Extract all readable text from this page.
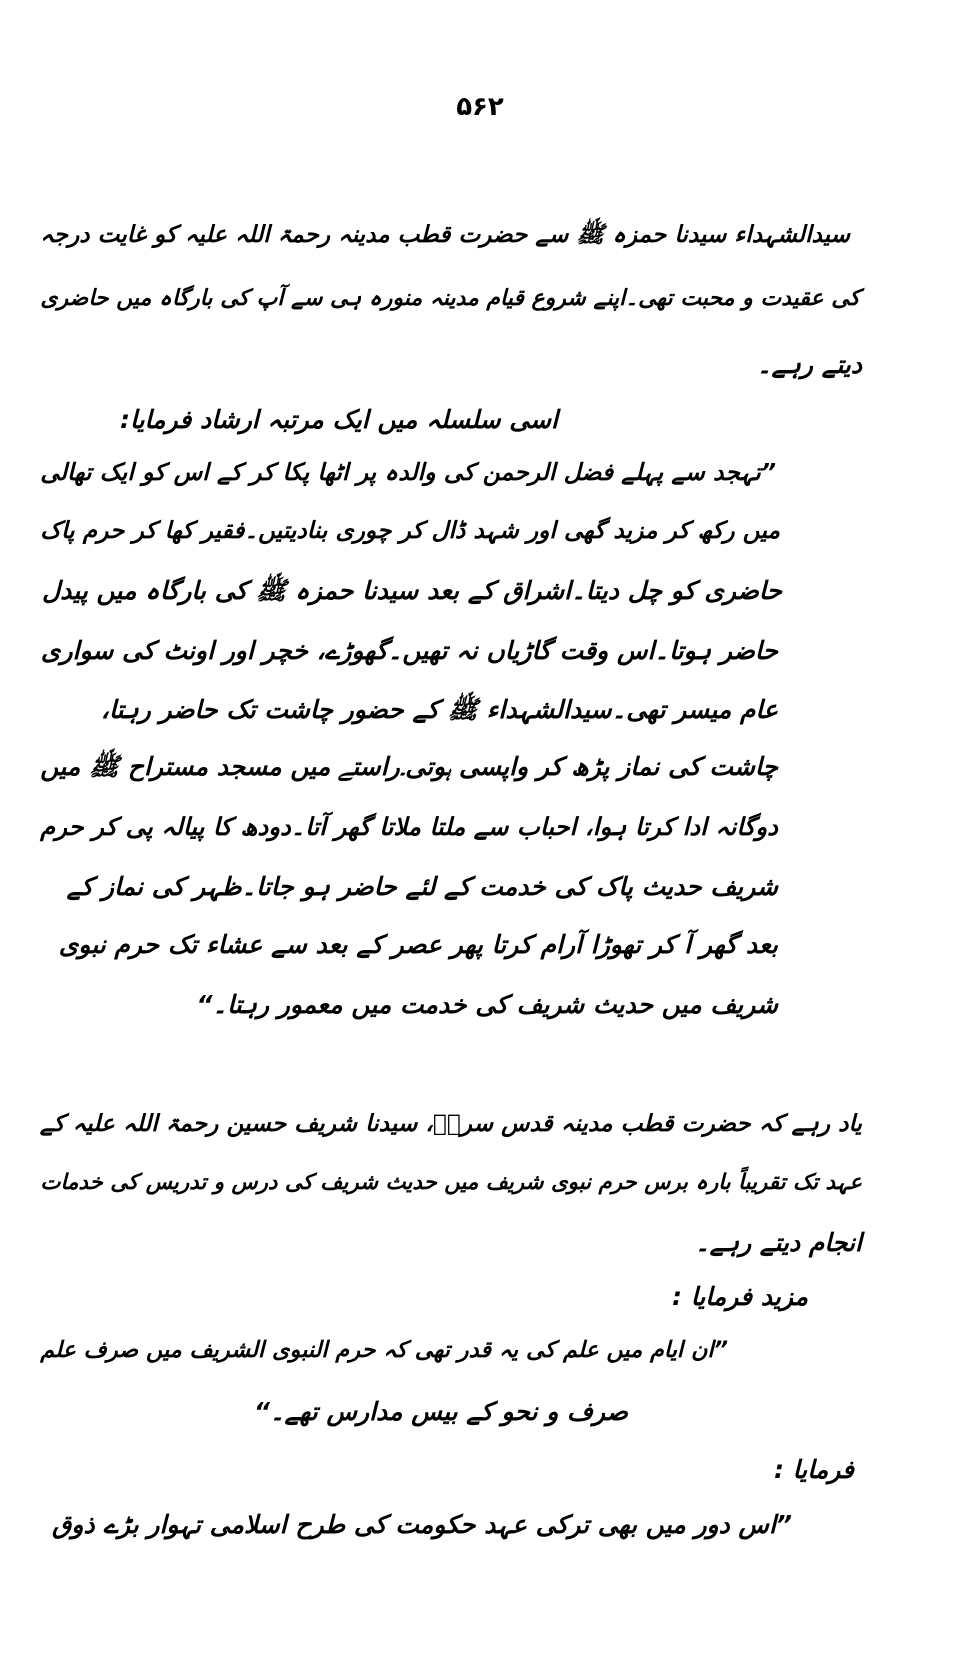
۵۶۲
سیدالشہداء سیدنا حمزہ ﷺ سے حضرت قطب مدینہ رحمۃ اللہ علیہ کو غایت درجہ
کی عقیدت و محبت تھی۔اپنے شروع قیام مدینہ منورہ ہی سے آپ کی بارگاہ میں حاضری
دیتے رہے۔
اسی سلسلہ میں ایک مرتبہ ارشاد فرمایا:
”تہجد سے پہلے فضل الرحمن کی والدہ پر اٹھا پکا کر کے اس کو ایک تھالی
میں رکھ کر مزید گھی اور شہد ڈال کر چوری بنادیتیں۔فقیر کھا کر حرم پاک
حاضری کو چل دیتا۔اشراق کے بعد سیدنا حمزہ ﷺ کی بارگاہ میں پیدل
حاضر ہوتا۔اس وقت گاڑیاں نہ تھیں۔گھوڑے، خچر اور اونٹ کی سواری
عام میسر تھی۔سیدالشہداء ﷺ کے حضور چاشت تک حاضر رہتا،
چاشت کی نماز پڑھ کر واپسی ہوتی۔راستے میں مسجد مستراح ﷺ میں
دوگانہ ادا کرتا ہوا، احباب سے ملتا ملاتا گھر آتا۔دودھ کا پیالہ پی کر حرم
شریف حدیث پاک کی خدمت کے لئے حاضر ہو جاتا۔ظہر کی نماز کے
بعد گھر آ کر تھوڑا آرام کرتا پھر عصر کے بعد سے عشاء تک حرم نبوی
شریف میں حدیث شریف کی خدمت میں معمور رہتا۔“
یاد رہے کہ حضرت قطب مدینہ قدس سرہٗ، سیدنا شریف حسین رحمۃ اللہ علیہ کے
عہد تک تقریباً بارہ برس حرم نبوی شریف میں حدیث شریف کی درس و تدریس کی خدمات
انجام دیتے رہے۔
مزید فرمایا :
”ان ایام میں علم کی یہ قدر تھی کہ حرم النبوی الشریف میں صرف علم
صرف و نحو کے بیس مدارس تھے۔“
فرمایا :
”اس دور میں بھی ترکی عہد حکومت کی طرح اسلامی تہوار بڑے ذوق
